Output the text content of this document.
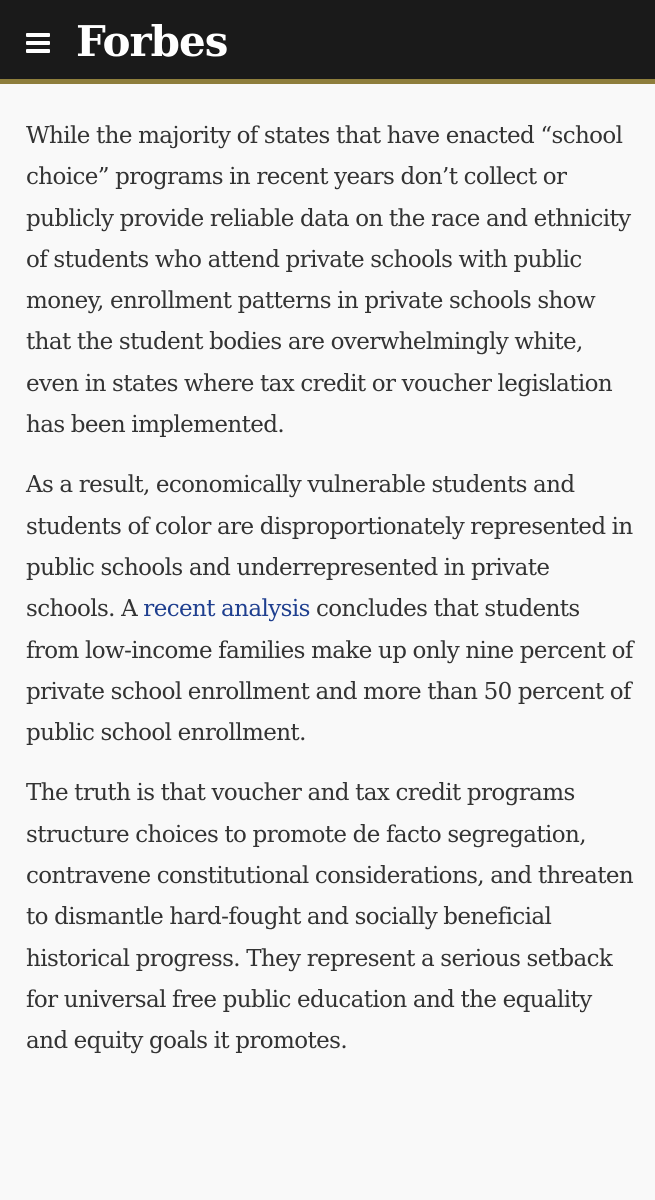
Forbes

While the majority of states that have enacted “school choice” programs in recent years don’t collect or publicly provide reliable data on the race and ethnicity of students who attend private schools with public money, enrollment patterns in private schools show that the student bodies are overwhelmingly white, even in states where tax credit or voucher legislation has been implemented.

As a result, economically vulnerable students and students of color are disproportionately represented in public schools and underrepresented in private schools. A recent analysis concludes that students from low-income families make up only nine percent of private school enrollment and more than 50 percent of public school enrollment.

The truth is that voucher and tax credit programs structure choices to promote de facto segregation, contravene constitutional considerations, and threaten to dismantle hard-fought and socially beneficial historical progress. They represent a serious setback for universal free public education and the equality and equity goals it promotes.
